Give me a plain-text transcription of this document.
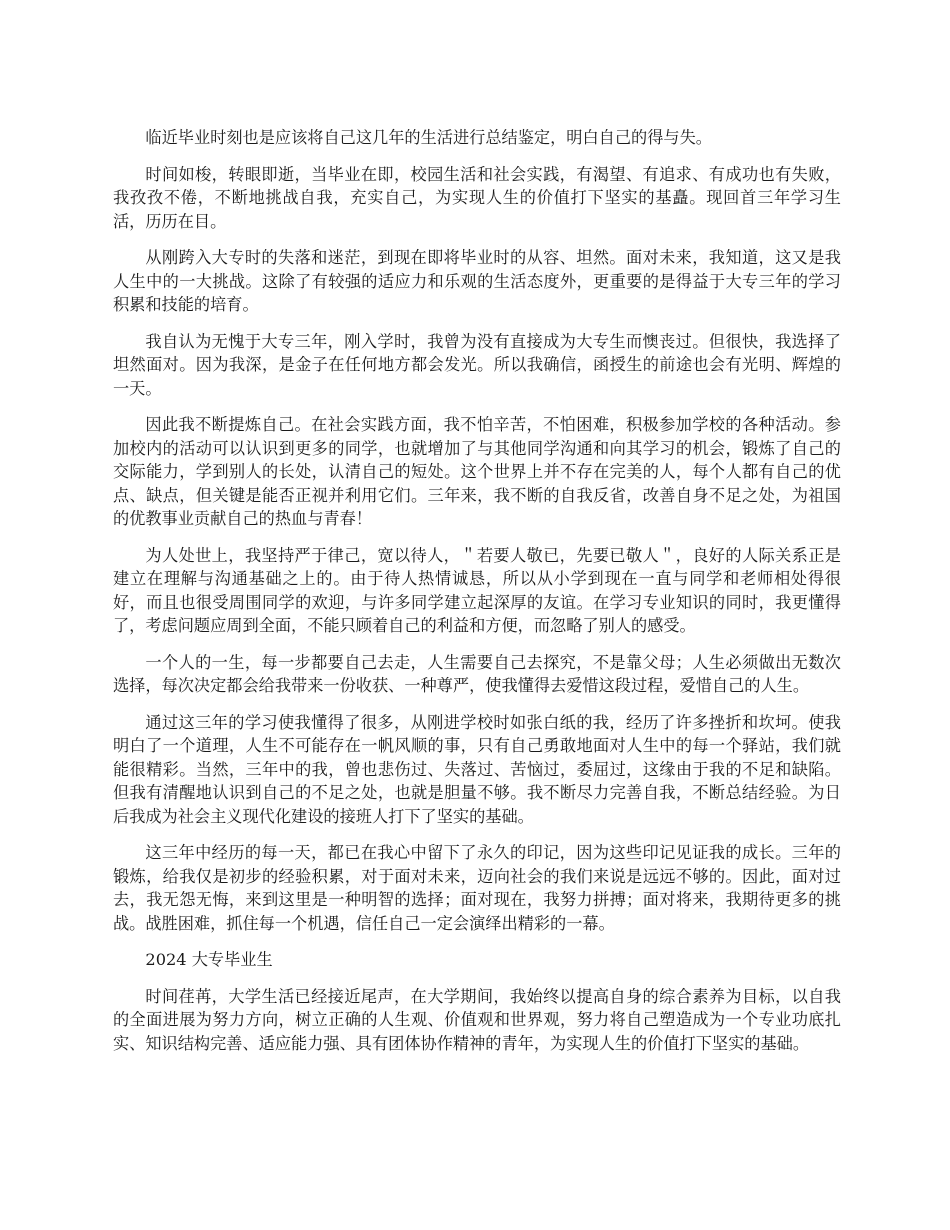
临近毕业时刻也是应该将自己这几年的生活进行总结鉴定，明白自己的得与失。

时间如梭，转眼即逝，当毕业在即，校园生活和社会实践，有渴望、有追求、有成功也有失败，我孜孜不倦，不断地挑战自我，充实自己，为实现人生的价值打下坚实的基矗。现回首三年学习生活，历历在目。

从刚跨入大专时的失落和迷茫，到现在即将毕业时的从容、坦然。面对未来，我知道，这又是我人生中的一大挑战。这除了有较强的适应力和乐观的生活态度外，更重要的是得益于大专三年的学习积累和技能的培育。

我自认为无愧于大专三年，刚入学时，我曾为没有直接成为大专生而懊丧过。但很快，我选择了坦然面对。因为我深，是金子在任何地方都会发光。所以我确信，函授生的前途也会有光明、辉煌的一天。

因此我不断提炼自己。在社会实践方面，我不怕辛苦，不怕困难，积极参加学校的各种活动。参加校内的活动可以认识到更多的同学，也就增加了与其他同学沟通和向其学习的机会，锻炼了自己的交际能力，学到别人的长处，认清自己的短处。这个世界上并不存在完美的人，每个人都有自己的优点、缺点，但关键是能否正视并利用它们。三年来，我不断的自我反省，改善自身不足之处，为祖国的优教事业贡献自己的热血与青春！

为人处世上，我坚持严于律己，宽以待人，＂若要人敬已，先要已敬人＂，良好的人际关系正是建立在理解与沟通基础之上的。由于待人热情诚恳，所以从小学到现在一直与同学和老师相处得很好，而且也很受周围同学的欢迎，与许多同学建立起深厚的友谊。在学习专业知识的同时，我更懂得了，考虑问题应周到全面，不能只顾着自己的利益和方便，而忽略了别人的感受。

一个人的一生，每一步都要自己去走，人生需要自己去探究，不是靠父母；人生必须做出无数次选择，每次决定都会给我带来一份收获、一种尊严，使我懂得去爱惜这段过程，爱惜自己的人生。

通过这三年的学习使我懂得了很多，从刚进学校时如张白纸的我，经历了许多挫折和坎坷。使我明白了一个道理，人生不可能存在一帆风顺的事，只有自己勇敢地面对人生中的每一个驿站，我们就能很精彩。当然，三年中的我，曾也悲伤过、失落过、苦恼过，委屈过，这缘由于我的不足和缺陷。但我有清醒地认识到自己的不足之处，也就是胆量不够。我不断尽力完善自我，不断总结经验。为日后我成为社会主义现代化建设的接班人打下了坚实的基础。

这三年中经历的每一天，都已在我心中留下了永久的印记，因为这些印记见证我的成长。三年的锻炼，给我仅是初步的经验积累，对于面对未来，迈向社会的我们来说是远远不够的。因此，面对过去，我无怨无悔，来到这里是一种明智的选择；面对现在，我努力拼搏；面对将来，我期待更多的挑战。战胜困难，抓住每一个机遇，信任自己一定会演绎出精彩的一幕。

2024 大专毕业生

时间荏苒，大学生活已经接近尾声，在大学期间，我始终以提高自身的综合素养为目标，以自我的全面进展为努力方向，树立正确的人生观、价值观和世界观，努力将自己塑造成为一个专业功底扎实、知识结构完善、适应能力强、具有团体协作精神的青年，为实现人生的价值打下坚实的基础。
